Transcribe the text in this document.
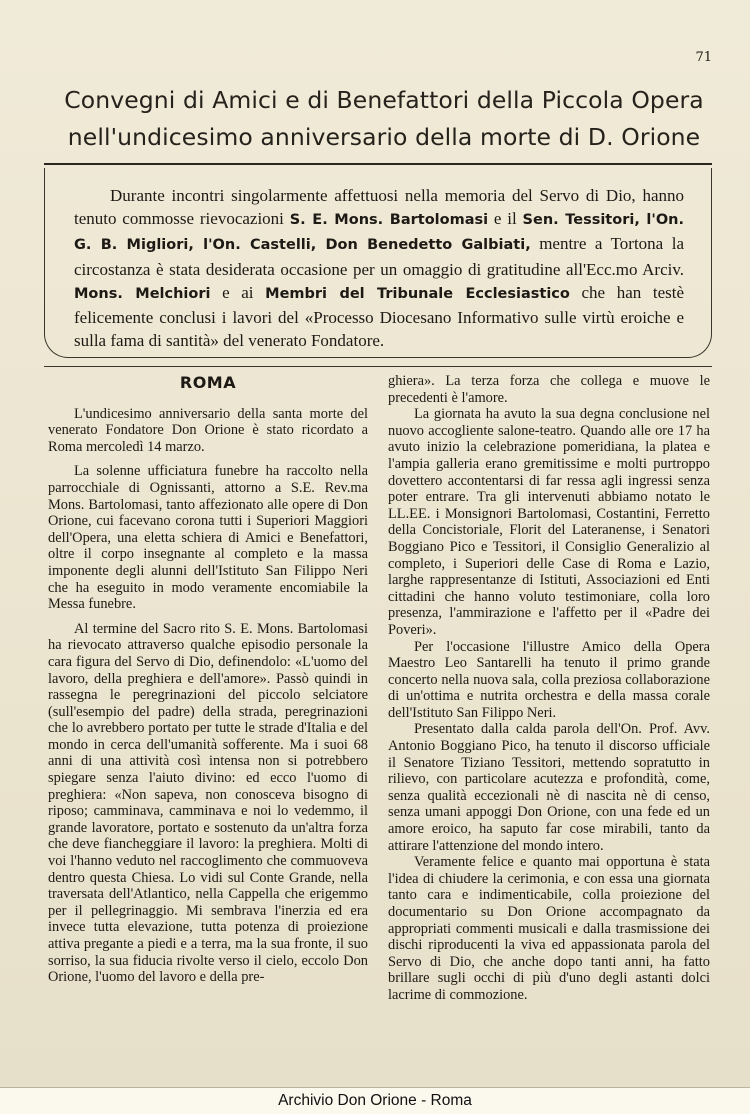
71
Convegni di Amici e di Benefattori della Piccola Opera
nell'undicesimo anniversario della morte di D. Orione
Durante incontri singolarmente affettuosi nella memoria del Servo di Dio, hanno tenuto commosse rievocazioni S. E. Mons. Bartolomasi e il Sen. Tessitori, l'On. G. B. Migliori, l'On. Castelli, Don Benedetto Galbiati, mentre a Tortona la circostanza è stata desiderata occasione per un omaggio di gratitudine all'Ecc.mo Arciv. Mons. Melchiori e ai Membri del Tribunale Ecclesiastico che han testè felicemente conclusi i lavori del «Processo Diocesano Informativo sulle virtù eroiche e sulla fama di santità» del venerato Fondatore.
ROMA

L'undicesimo anniversario della santa morte del venerato Fondatore Don Orione è stato ricordato a Roma mercoledì 14 marzo.

La solenne ufficiatura funebre ha raccolto nella parrocchiale di Ognissanti, attorno a S.E. Rev.ma Mons. Bartolomasi, tanto affezionato alle opere di Don Orione, cui facevano corona tutti i Superiori Maggiori dell'Opera, una eletta schiera di Amici e Benefattori, oltre il corpo insegnante al completo e la massa imponente degli alunni dell'Istituto San Filippo Neri che ha eseguito in modo veramente encomiabile la Messa funebre.

Al termine del Sacro rito S. E. Mons. Bartolomasi ha rievocato attraverso qualche episodio personale la cara figura del Servo di Dio, definendolo: «L'uomo del lavoro, della preghiera e dell'amore». Passò quindi in rassegna le peregrinazioni del piccolo selciatore (sull'esempio del padre) della strada, peregrinazioni che lo avrebbero portato per tutte le strade d'Italia e del mondo in cerca dell'umanità sofferente. Ma i suoi 68 anni di una attività così intensa non si potrebbero spiegare senza l'aiuto divino: ed ecco l'uomo di preghiera: «Non sapeva, non conosceva bisogno di riposo; camminava, camminava e noi lo vedemmo, il grande lavoratore, portato e sostenuto da un'altra forza che deve fiancheggiare il lavoro: la preghiera. Molti di voi l'hanno veduto nel raccoglimento che commuoveva dentro questa Chiesa. Lo vidi sul Conte Grande, nella traversata dell'Atlantico, nella Cappella che erigemmo per il pellegrinaggio. Mi sembrava l'inerzia ed era invece tutta elevazione, tutta potenza di proiezione attiva pregante a piedi e a terra, ma la sua fronte, il suo sorriso, la sua fiducia rivolte verso il cielo, eccolo Don Orione, l'uomo del lavoro e della pre-

ghiera». La terza forza che collega e muove le precedenti è l'amore.

La giornata ha avuto la sua degna conclusione nel nuovo accogliente salone-teatro. Quando alle ore 17 ha avuto inizio la celebrazione pomeridiana, la platea e l'ampia galleria erano gremitissime e molti purtroppo dovettero accontentarsi di far ressa agli ingressi senza poter entrare. Tra gli intervenuti abbiamo notato le LL.EE. i Monsignori Bartolomasi, Costantini, Ferretto della Concistoriale, Florit del Lateranense, i Senatori Boggiano Pico e Tessitori, il Consiglio Generalizio al completo, i Superiori delle Case di Roma e Lazio, larghe rappresentanze di Istituti, Associazioni ed Enti cittadini che hanno voluto testimoniare, colla loro presenza, l'ammirazione e l'affetto per il «Padre dei Poveri».

Per l'occasione l'illustre Amico della Opera Maestro Leo Santarelli ha tenuto il primo grande concerto nella nuova sala, colla preziosa collaborazione di un'ottima e nutrita orchestra e della massa corale dell'Istituto San Filippo Neri.

Presentato dalla calda parola dell'On. Prof. Avv. Antonio Boggiano Pico, ha tenuto il discorso ufficiale il Senatore Tiziano Tessitori, mettendo sopratutto in rilievo, con particolare acutezza e profondità, come, senza qualità eccezionali nè di nascita nè di censo, senza umani appoggi Don Orione, con una fede ed un amore eroico, ha saputo far cose mirabili, tanto da attirare l'attenzione del mondo intero.

Veramente felice e quanto mai opportuna è stata l'idea di chiudere la cerimonia, e con essa una giornata tanto cara e indimenticabile, colla proiezione del documentario su Don Orione accompagnato da appropriati commenti musicali e dalla trasmissione dei dischi riproducenti la viva ed appassionata parola del Servo di Dio, che anche dopo tanti anni, ha fatto brillare sugli occhi di più d'uno degli astanti dolci lacrime di commozione.

Archivio Don Orione - Roma
